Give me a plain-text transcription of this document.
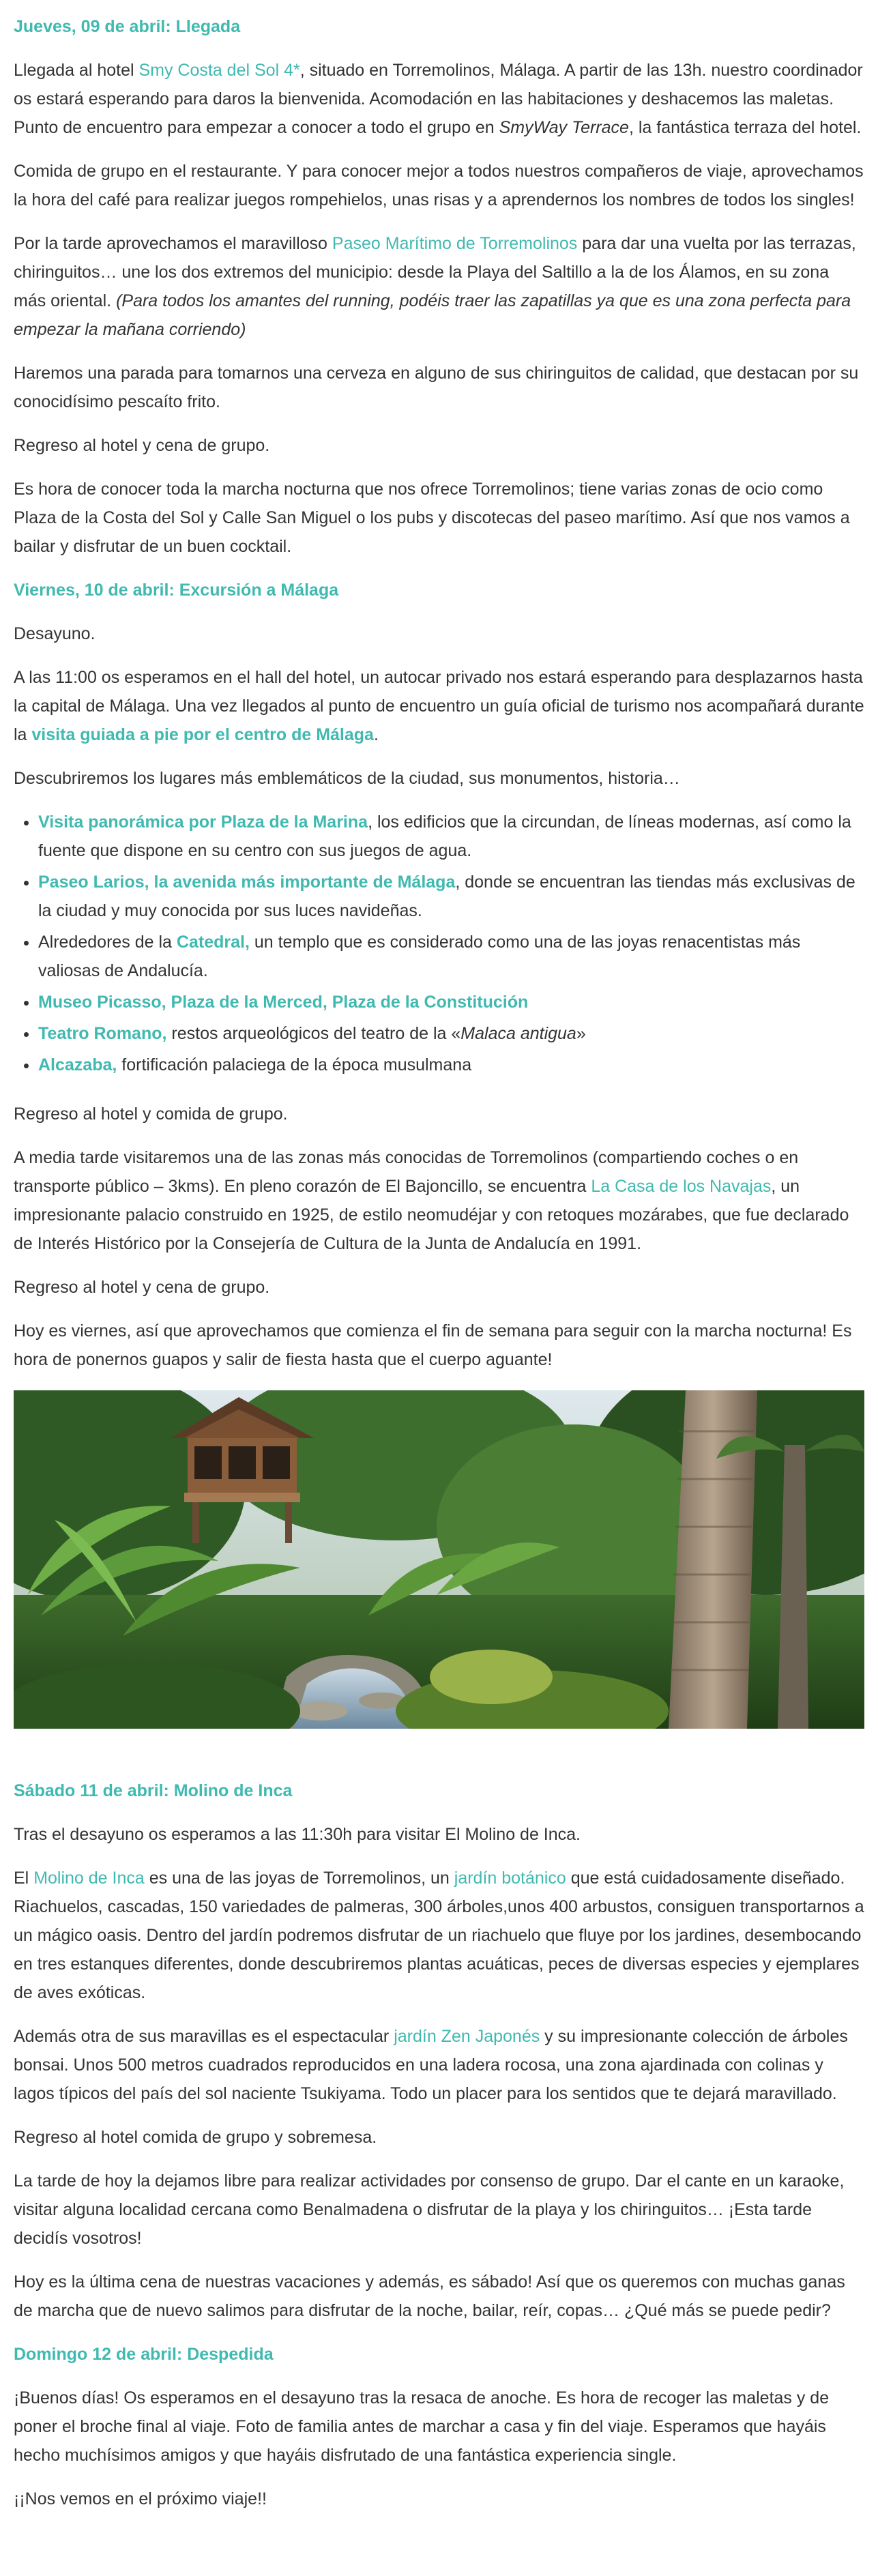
Jueves, 09 de abril: Llegada

Llegada al hotel Smy Costa del Sol 4*, situado en Torremolinos, Málaga. A partir de las 13h. nuestro coordinador os estará esperando para daros la bienvenida. Acomodación en las habitaciones y deshacemos las maletas. Punto de encuentro para empezar a conocer a todo el grupo en SmyWay Terrace, la fantástica terraza del hotel.

Comida de grupo en el restaurante. Y para conocer mejor a todos nuestros compañeros de viaje, aprovechamos la hora del café para realizar juegos rompehielos, unas risas y a aprendernos los nombres de todos los singles!

Por la tarde aprovechamos el maravilloso Paseo Marítimo de Torremolinos para dar una vuelta por las terrazas, chiringuitos… une los dos extremos del municipio: desde la Playa del Saltillo a la de los Álamos, en su zona más oriental. (Para todos los amantes del running, podéis traer las zapatillas ya que es una zona perfecta para empezar la mañana corriendo)

Haremos una parada para tomarnos una cerveza en alguno de sus chiringuitos de calidad, que destacan por su conocidísimo pescaíto frito.

Regreso al hotel y cena de grupo.

Es hora de conocer toda la marcha nocturna que nos ofrece Torremolinos; tiene varias zonas de ocio como Plaza de la Costa del Sol y Calle San Miguel o los pubs y discotecas del paseo marítimo. Así que nos vamos a bailar y disfrutar de un buen cocktail.

Viernes, 10 de abril: Excursión a Málaga

Desayuno.

A las 11:00 os esperamos en el hall del hotel, un autocar privado nos estará esperando para desplazarnos hasta la capital de Málaga. Una vez llegados al punto de encuentro un guía oficial de turismo nos acompañará durante la visita guiada a pie por el centro de Málaga.

Descubriremos los lugares más emblemáticos de la ciudad, sus monumentos, historia…

• Visita panorámica por Plaza de la Marina, los edificios que la circundan, de líneas modernas, así como la fuente que dispone en su centro con sus juegos de agua.
• Paseo Larios, la avenida más importante de Málaga, donde se encuentran las tiendas más exclusivas de la ciudad y muy conocida por sus luces navideñas.
• Alrededores de la Catedral, un templo que es considerado como una de las joyas renacentistas más valiosas de Andalucía.
• Museo Picasso, Plaza de la Merced, Plaza de la Constitución
• Teatro Romano, restos arqueológicos del teatro de la «Malaca antigua»
• Alcazaba, fortificación palaciega de la época musulmana

Regreso al hotel y comida de grupo.

A media tarde visitaremos una de las zonas más conocidas de Torremolinos (compartiendo coches o en transporte público – 3kms). En pleno corazón de El Bajoncillo, se encuentra La Casa de los Navajas, un impresionante palacio construido en 1925, de estilo neomudéjar y con retoques mozárabes, que fue declarado de Interés Histórico por la Consejería de Cultura de la Junta de Andalucía en 1991.

Regreso al hotel y cena de grupo.

Hoy es viernes, así que aprovechamos que comienza el fin de semana para seguir con la marcha nocturna! Es hora de ponernos guapos y salir de fiesta hasta que el cuerpo aguante!

Sábado 11 de abril: Molino de Inca

Tras el desayuno os esperamos a las 11:30h para visitar El Molino de Inca.

El Molino de Inca es una de las joyas de Torremolinos, un jardín botánico que está cuidadosamente diseñado. Riachuelos, cascadas, 150 variedades de palmeras, 300 árboles,unos 400 arbustos, consiguen transportarnos a un mágico oasis. Dentro del jardín podremos disfrutar de un riachuelo que fluye por los jardines, desembocando en tres estanques diferentes, donde descubriremos plantas acuáticas, peces de diversas especies y ejemplares de aves exóticas.

Además otra de sus maravillas es el espectacular jardín Zen Japonés y su impresionante colección de árboles bonsai. Unos 500 metros cuadrados reproducidos en una ladera rocosa, una zona ajardinada con colinas y lagos típicos del país del sol naciente Tsukiyama. Todo un placer para los sentidos que te dejará maravillado.

Regreso al hotel comida de grupo y sobremesa.

La tarde de hoy la dejamos libre para realizar actividades por consenso de grupo. Dar el cante en un karaoke, visitar alguna localidad cercana como Benalmadena o disfrutar de la playa y los chiringuitos… ¡Esta tarde decidís vosotros!

Hoy es la última cena de nuestras vacaciones y además, es sábado! Así que os queremos con muchas ganas de marcha que de nuevo salimos para disfrutar de la noche, bailar, reír, copas… ¿Qué más se puede pedir?

Domingo 12 de abril: Despedida

¡Buenos días! Os esperamos en el desayuno tras la resaca de anoche. Es hora de recoger las maletas y de poner el broche final al viaje. Foto de familia antes de marchar a casa y fin del viaje. Esperamos que hayáis hecho muchísimos amigos y que hayáis disfrutado de una fantástica experiencia single.

¡¡Nos vemos en el próximo viaje!!
